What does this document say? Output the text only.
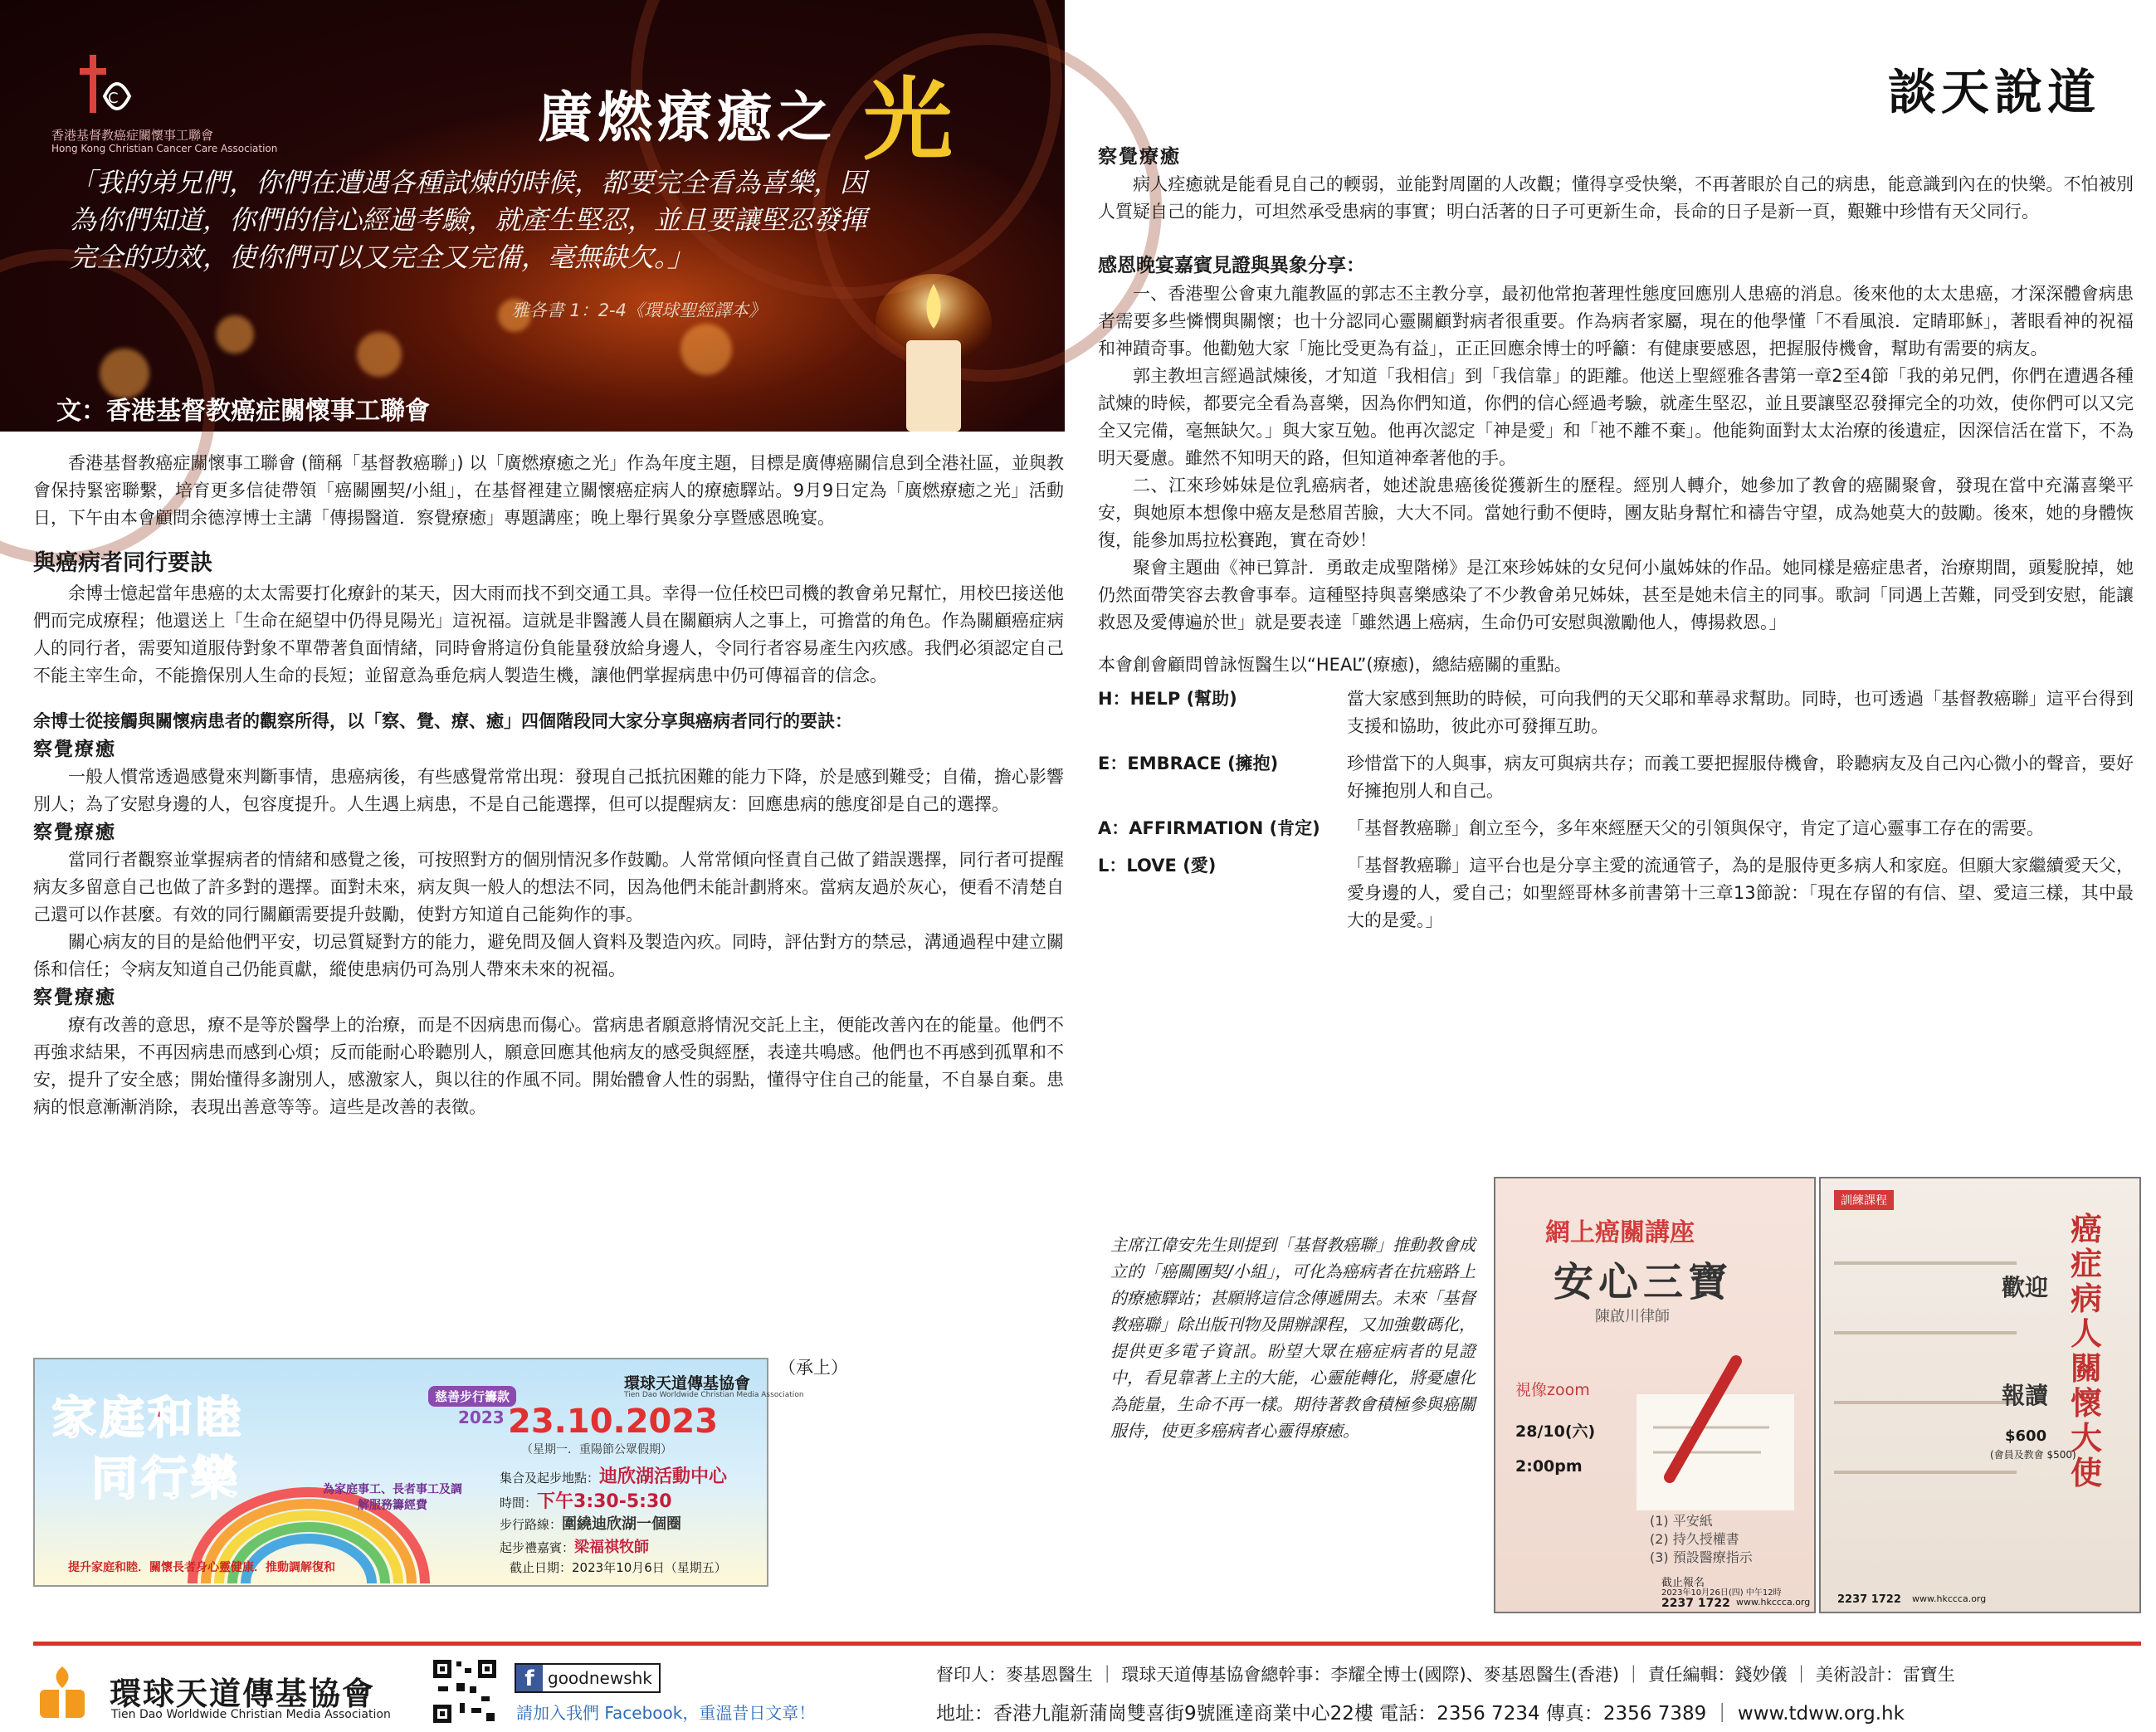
C
香港基督教癌症關懷事工聯會
Hong Kong Christian Cancer Care Association	廣燃療癒之 光
「我的弟兄們，你們在遭遇各種試煉的時候，都要完全看為喜樂，因為你們知道，你們的信心經過考驗，就產生堅忍，並且要讓堅忍發揮完全的功效，使你們可以又完全又完備，毫無缺欠。」
雅各書 1：2-4《環球聖經譯本》
文：香港基督教癌症關懷事工聯會

香港基督教癌症關懷事工聯會 (簡稱「基督教癌聯」) 以「廣燃療癒之光」作為年度主題，目標是廣傳癌關信息到全港社區，並與教會保持緊密聯繫，培育更多信徒帶領「癌關團契/小組」，在基督裡建立關懷癌症病人的療癒驛站。9月9日定為「廣燃療癒之光」活動日，下午由本會顧問余德淳博士主講「傳揚醫道．察覺療癒」專題講座；晚上舉行異象分享暨感恩晚宴。

與癌病者同行要訣

余博士憶起當年患癌的太太需要打化療針的某天，因大雨而找不到交通工具。幸得一位任校巴司機的教會弟兄幫忙，用校巴接送他們而完成療程；他還送上「生命在絕望中仍得見陽光」這祝福。這就是非醫護人員在關顧病人之事上，可擔當的角色。作為關顧癌症病人的同行者，需要知道服侍對象不單帶著負面情緒，同時會將這份負能量發放給身邊人，令同行者容易產生內疚感。我們必須認定自己不能主宰生命，不能擔保別人生命的長短；並留意為垂危病人製造生機，讓他們掌握病患中仍可傳福音的信念。

余博士從接觸與關懷病患者的觀察所得，以「察、覺、療、癒」四個階段同大家分享與癌病者同行的要訣：

察覺療癒

一般人慣常透過感覺來判斷事情，患癌病後，有些感覺常常出現：發現自己抵抗困難的能力下降，於是感到難受；自備，擔心影響別人；為了安慰身邊的人，包容度提升。人生遇上病患，不是自己能選擇，但可以提醒病友：回應患病的態度卻是自己的選擇。

察覺療癒

當同行者觀察並掌握病者的情緒和感覺之後，可按照對方的個別情況多作鼓勵。人常常傾向怪責自己做了錯誤選擇，同行者可提醒病友多留意自己也做了許多對的選擇。面對未來，病友與一般人的想法不同，因為他們未能計劃將來。當病友過於灰心，便看不清楚自己還可以作甚麼。有效的同行關顧需要提升鼓勵，使對方知道自己能夠作的事。

關心病友的目的是給他們平安，切忌質疑對方的能力，避免問及個人資料及製造內疚。同時，評估對方的禁忌，溝通過程中建立關係和信任；令病友知道自己仍能貢獻，縱使患病仍可為別人帶來未來的祝福。

察覺療癒

療有改善的意思，療不是等於醫學上的治療，而是不因病患而傷心。當病患者願意將情況交託上主，便能改善內在的能量。他們不再強求結果，不再因病患而感到心煩；反而能耐心聆聽別人，願意回應其他病友的感受與經歷，表達共鳴感。他們也不再感到孤單和不安，提升了安全感；開始懂得多謝別人，感激家人，與以往的作風不同。開始體會人性的弱點，懂得守住自己的能量，不自暴自棄。患病的恨意漸漸消除，表現出善意等等。這些是改善的表徵。

（承上）
家庭和睦
同行樂
慈善步行籌款
2023
環球天道傳基協會
Tien Dao Worldwide Christian Media Association
23.10.2023
（星期一．重陽節公眾假期）
為家庭事工、長者事工及調解服務籌經費
集合及起步地點：迪欣湖活動中心
時間：下午3:30-5:30
步行路線：圍繞迪欣湖一個圈
起步禮嘉賓：梁福祺牧師
提升家庭和睦．關懷長者身心靈健康．推動調解復和	截止日期：2023年10月6日（星期五）
談天說道
察覺療癒

病人痊癒就是能看見自己的輭弱，並能對周圍的人改觀；懂得享受快樂，不再著眼於自己的病患，能意識到內在的快樂。不怕被別人質疑自己的能力，可坦然承受患病的事實；明白活著的日子可更新生命，長命的日子是新一頁，艱難中珍惜有天父同行。

感恩晚宴嘉賓見證與異象分享：

一、香港聖公會東九龍教區的郭志丕主教分享，最初他常抱著理性態度回應別人患癌的消息。後來他的太太患癌，才深深體會病患者需要多些憐憫與關懷；也十分認同心靈關顧對病者很重要。作為病者家屬，現在的他學懂「不看風浪．定睛耶穌」，著眼看神的祝福和神蹟奇事。他勸勉大家「施比受更為有益」，正正回應余博士的呼籲：有健康要感恩，把握服侍機會，幫助有需要的病友。

郭主教坦言經過試煉後，才知道「我相信」到「我信靠」的距離。他送上聖經雅各書第一章2至4節「我的弟兄們，你們在遭遇各種試煉的時候，都要完全看為喜樂，因為你們知道，你們的信心經過考驗，就產生堅忍，並且要讓堅忍發揮完全的功效，使你們可以又完全又完備，毫無缺欠。」與大家互勉。他再次認定「神是愛」和「祂不離不棄」。他能夠面對太太治療的後遺症，因深信活在當下，不為明天憂慮。雖然不知明天的路，但知道神牽著他的手。

二、江來珍姊妹是位乳癌病者，她述說患癌後從獲新生的歷程。經別人轉介，她參加了教會的癌關聚會，發現在當中充滿喜樂平安，與她原本想像中癌友是愁眉苦臉，大大不同。當她行動不便時，團友貼身幫忙和禱告守望，成為她莫大的鼓勵。後來，她的身體恢復，能參加馬拉松賽跑，實在奇妙！

聚會主題曲《神已算計．勇敢走成聖階梯》是江來珍姊妹的女兒何小嵐姊妹的作品。她同樣是癌症患者，治療期間，頭髮脫掉，她仍然面帶笑容去教會事奉。這種堅持與喜樂感染了不少教會弟兄姊妹，甚至是她未信主的同事。歌詞「同遇上苦難，同受到安慰，能讓救恩及愛傳遍於世」就是要表達「雖然遇上癌病，生命仍可安慰與激勵他人，傳揚救恩。」

本會創會顧問曾詠恆醫生以“HEAL”(療癒)，總結癌關的重點。

H：HELP (幫助)	當大家感到無助的時候，可向我們的天父耶和華尋求幫助。同時，也可透過「基督教癌聯」這平台得到支援和協助，彼此亦可發揮互助。
E：EMBRACE (擁抱)	珍惜當下的人與事，病友可與病共存；而義工要把握服侍機會，聆聽病友及自己內心微小的聲音，要好好擁抱別人和自己。
A：AFFIRMATION (肯定)	「基督教癌聯」創立至今，多年來經歷天父的引領與保守，肯定了這心靈事工存在的需要。
L：LOVE (愛)	「基督教癌聯」這平台也是分享主愛的流通管子，為的是服侍更多病人和家庭。但願大家繼續愛天父，愛身邊的人，愛自己；如聖經哥林多前書第十三章13節說：「現在存留的有信、望、愛這三樣，其中最大的是愛。」
主席江偉安先生則提到「基督教癌聯」推動教會成立的「癌關團契/小組」，可化為癌病者在抗癌路上的療癒驛站；甚願將這信念傳遞開去。未來「基督教癌聯」除出版刊物及開辦課程，又加強數碼化，提供更多電子資訊。盼望大眾在癌症病者的見證中，看見靠著上主的大能，心靈能轉化，將憂慮化為能量，生命不再一樣。期待著教會積極參與癌關服侍，使更多癌病者心靈得療癒。
網上癌關講座
安心三寶
陳啟川律師
視像zoom
28/10(六)
2:00pm
(1) 平安紙
(2) 持久授權書
(3) 預設醫療指示
截止報名
2023年10月26日(四) 中午12時
2237 1722 www.hkccca.org
訓練課程
癌
症
病
人
關
懷
大
使
歡迎
報讀
$600
(會員及教會 $500)
2237 1722 www.hkccca.org
環球天道傳基協會
Tien Dao Worldwide Christian Media Association
f goodnewshk
請加入我們 Facebook，重溫昔日文章！
督印人：麥基恩醫生 ｜ 環球天道傳基協會總幹事：李耀全博士(國際)、麥基恩醫生(香港) ｜ 責任編輯：錢妙儀 ｜ 美術設計：雷寶生
地址：香港九龍新蒲崗雙喜街9號匯達商業中心22樓 電話：2356 7234 傳真：2356 7389 ｜ www.tdww.org.hk
